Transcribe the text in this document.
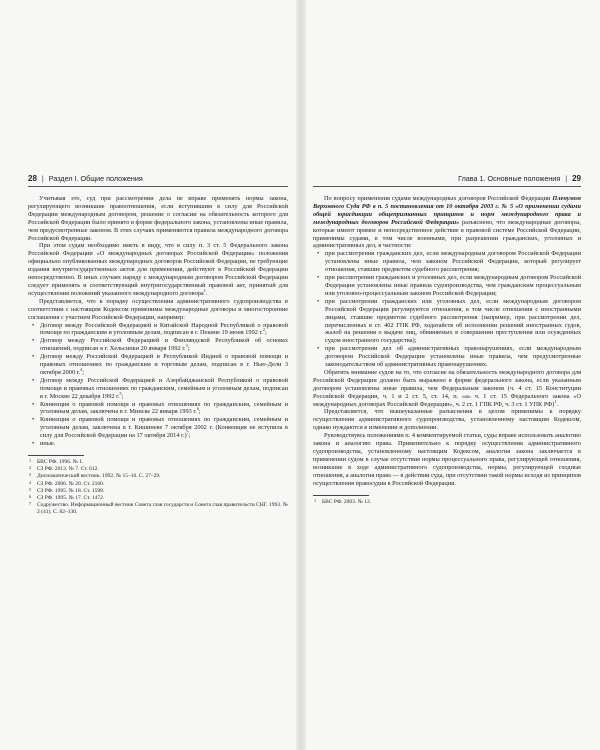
28 | Раздел I. Общие положения

Учитывая это, суд при рассмотрении дела не вправе применять нормы закона, регулирующего возникшие правоотношения, если вступившим в силу для Российской Федерации международным договором, решение о согласии на обязательность которого для Российской Федерации было принято в форме федерального закона, установлены иные правила, чем предусмотренные законом. В этих случаях применяются правила международного договора Российской Федерации.

При этом судам необходимо иметь в виду, что в силу п. 3 ст. 5 Федерального закона Российской Федерации «О международных договорах Российской Федерации» положения официально опубликованных международных договоров Российской Федерации, не требующие издания внутригосударственных актов для применения, действуют в Российской Федерации непосредственно. В иных случаях наряду с международным договором Российской Федерации следует применять и соответствующий внутригосударственный правовой акт, принятый для осуществления положений указанного международного договора$^1$.

Представляется, что к порядку осуществления административного судопроизводства в соответствии с настоящим Кодексом применимы международные договоры и многосторонние соглашения с участием Российской Федерации, например:

• Договор между Российской Федерацией и Китайской Народной Республикой о правовой помощи по гражданским и уголовным делам, подписан в г. Пекине 19 июня 1992 г.$^2$;
• Договор между Российской Федерацией и Финляндской Республикой об основах отношений, подписан в г. Хельсинки 20 января 1992 г.$^3$;
• Договор между Российской Федерацией и Республикой Индией о правовой помощи и правовых отношениях по гражданским и торговым делам, подписан в г. Нью-Дели 3 октября 2000 г.$^4$;
• Договор между Российской Федерацией и Азербайджанской Республикой о правовой помощи и правовых отношениях по гражданским, семейным и уголовным делам, подписан в г. Москве 22 декабря 1992 г.$^5$;
• Конвенция о правовой помощи и правовых отношениях по гражданским, семейным и уголовным делам, заключена в г. Минске 22 января 1993 г.$^6$;
• Конвенция о правовой помощи и правовых отношениях по гражданским, семейным и уголовным делам, заключена в г. Кишиневе 7 октября 2002 г. (Конвенция не вступила в силу для Российской Федерации на 17 октября 2014 г.)$^7$;
• иные.

1 БВС РФ. 1996. № 1.

2 СЗ РФ. 2013. № 7. Ст. 612.

3 Дипломатический вестник. 1992. № 15–16. С. 27–29.

4 СЗ РФ. 2006. № 20. Ст. 2160.

5 СЗ РФ. 1995. № 18. Ст. 1598.

6 СЗ РФ. 1995. № 17. Ст. 1472.

7 Содружество. Информационный вестник Совета глав государств и Совета глав правительств СНГ. 1993. № 2 (41). С. 82–130.

Глава 1. Основные положения | 29

По вопросу применения судами международных договоров Российской Федерации Пленумом Верховного Суда РФ в п. 5 постановления от 10 октября 2003 г. № 5 «О применении судами общей юрисдикции общепризнанных принципов и норм международного права и международных договоров Российской Федерации» разъяснено, что международные договоры, которые имеют прямое и непосредственное действие в правовой системе Российской Федерации, применимы судами, в том числе военными, при разрешении гражданских, уголовных и административных дел, в частности:

• при рассмотрении гражданских дел, если международным договором Российской Федерации установлены иные правила, чем законом Российской Федерации, который регулирует отношения, ставшие предметом судебного рассмотрения;
• при рассмотрении гражданских и уголовных дел, если международным договором Российской Федерации установлены иные правила судопроизводства, чем гражданским процессуальным или уголовно-процессуальным законом Российской Федерации;
• при рассмотрении гражданских или уголовных дел, если международным договором Российской Федерации регулируются отношения, в том числе отношения с иностранными лицами, ставшие предметом судебного рассмотрения (например, при рассмотрении дел, перечисленных в ст. 402 ГПК РФ, ходатайств об исполнении решений иностранных судов, жалоб на решения о выдаче лиц, обвиняемых в совершении преступления или осужденных судом иностранного государства);
• при рассмотрении дел об административных правонарушениях, если международным договором Российской Федерации установлены иные правила, чем предусмотренные законодательством об административных правонарушениях.

Обратить внимание судов на то, что согласие на обязательность международного договора для Российской Федерации должно быть выражено в форме федерального закона, если указанным договором установлены иные правила, чем Федеральным законом (ч. 4 ст. 15 Конституции Российской Федерации, ч. 1 и 2 ст. 5, ст. 14, п. «а» ч. 1 ст. 15 Федерального закона «О международных договорах Российской Федерации», ч. 2 ст. 1 ГПК РФ, ч. 3 ст. 1 УПК РФ)$^1$.

Представляется, что вышеуказанные разъяснения в целом применимы к порядку осуществления административного судопроизводства, установленному настоящим Кодексом, однако нуждаются в изменении и дополнении.

Руководствуясь положениями п. 4 комментируемой статьи, суды вправе использовать аналогию закона и аналогию права. Применительно к порядку осуществления административного судопроизводства, установленному настоящим Кодексом, аналогия закона заключается в применении судом в случае отсутствия нормы процессуального права, регулирующей отношения, возникшие в ходе административного судопроизводства, нормы, регулирующей сходные отношения, а аналогия права — в действии суда, при отсутствии такой нормы исходя из принципов осуществления правосудия в Российской Федерации.

1 БВС РФ. 2003. № 12.
